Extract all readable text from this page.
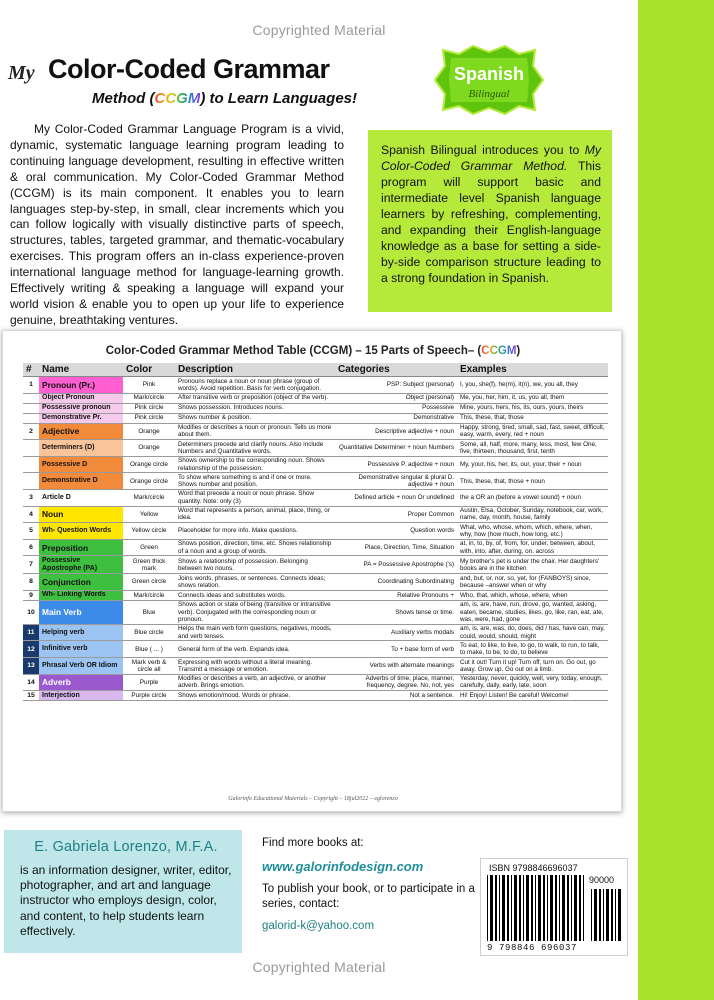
Copyrighted Material
My Color-Coded Grammar
Method (CCGM) to Learn Languages!

My Color-Coded Grammar Language Program is a vivid, dynamic, systematic language learning program leading to continuing language development, resulting in effective written & oral communication. My Color-Coded Grammar Method (CCGM) is its main component. It enables you to learn languages step-by-step, in small, clear increments which you can follow logically with visually distinctive parts of speech, structures, tables, targeted grammar, and thematic-vocabulary exercises. This program offers an in-class experience-proven international language method for language-learning growth. Effectively writing & speaking a language will expand your world vision & enable you to open up your life to experience genuine, breathtaking ventures.

Spanish
Bilingual
Spanish Bilingual introduces you to My Color-Coded Grammar Method. This program will support basic and intermediate level Spanish language learners by refreshing, complementing, and expanding their English-language knowledge as a base for setting a side-by-side comparison structure leading to a strong foundation in Spanish.
Color-Coded Grammar Method Table (CCGM) – 15 Parts of Speech– (CCGM)
#	Name	Color	Description	Categories	Examples
1	Pronoun (Pr.)	Pink	Pronouns replace a noun or noun phrase (group of words). Avoid repetition. Basis for verb conjugation.	PSP: Subject (personal)	I, you, she(f), he(m), it(n), we, you all, they
	Object Pronoun	Mark/circle	After transitive verb or preposition (object of the verb).	Object (personal)	Me, you, her, him, it, us, you all, them
	Possessive pronoun	Pink circle	Shows possession. Introduces nouns.	Possessive	Mine, yours, hers, his, its, ours, yours, theirs
	Demonstrative Pr.	Pink circle	Shows number & position.	Demonstrative	This, these, that, those
2	Adjective	Orange	Modifies or describes a noun or pronoun. Tells us more about them.	Descriptive adjective + noun	Happy, strong, tired, small, sad, fast, sweet, difficult, easy, warm, every, red + noun
	Determiners (D)	Orange	Determiners precede and clarify nouns. Also include Numbers and Quantitative words.	Quantitative Determiner + noun Numbers	Some, all, half, more, many, less, most, few One, five, thirteen, thousand, first, tenth
	Possessive D	Orange circle	Shows ownership to the corresponding noun. Shows relationship of the possession.	Possessive P. adjective + noun	My, your, his, her, its, our, your, their + noun
	Demonstrative D	Orange circle	To show where something is and if one or more. Shows number and position.	Demonstrative singular & plural D. adjective + noun	This, these, that, those + noun
3	Article D	Mark/circle	Word that precede a noun or noun phrase. Show quantity. Note: only (3)	Defined article + noun Or undefined	the a OR an (before a vowel sound) + noun
4	Noun	Yellow	Word that represents a person, animal, place, thing, or idea.	Proper Common	Austin, Elsa, October, Sunday, notebook, car, work, name, day, month, house, family
5	Wh- Question Words	Yellow circle	Placeholder for more info. Make questions.	Question words	What, who, whose, whom, which, where, when, why, how (how much, how long, etc.)
6	Preposition	Green	Shows position, direction, time, etc. Shows relationship of a noun and a group of words.	Place, Direction, Time, Situation	at, in, to, by, of, from, for, under, between, about, with, into, after, during, on, across
7	Possessive Apostrophe (PA)	Green thick mark	Shows a relationship of possession. Belonging between two nouns.	PA = Possessive Apostrophe ('s)	My brother's pet is under the chair. Her daughters' books are in the kitchen
8	Conjunction	Green circle	Joins words, phrases, or sentences. Connects ideas; shows relation.	Coordinating Subordinating	and, but, or, nor, so, yet, for (FANBOYS) since, because –answer when or why
9	Wh- Linking Words	Mark/circle	Connects ideas and substitutes words.	Relative Pronouns +	Who, that, which, whose, where, when
10	Main Verb	Blue	Shows action or state of being (transitive or intransitive verb). Conjugated with the corresponding noun or pronoun.	Shows tense or time.	am, is, are, have, run, drove, go, wanted, asking, eaten, became, studies, likes, go, like, ran, eat, ate, was, were, had, gone
11	Helping verb	Blue circle	Helps the main verb form questions, negatives, moods, and verb tenses.	Auxiliary verbs modals	am, is, are, was, do, does, did / has, have can, may, could, would, should, might
12	Infinitive verb	Blue ( ... )	General form of the verb. Expands idea.	To + base form of verb	To eat, to like, to live, to go, to walk, to run, to talk, to make, to be, to do, to believe
13	Phrasal Verb OR Idiom	Mark verb & circle all	Expressing with words without a literal meaning. Transmit a message or emotion.	Verbs with alternate meanings	Cut it out! Turn it up! Turn off, turn on. Go out, go away. Grow up. Go out on a limb.
14	Adverb	Purple	Modifies or describes a verb, an adjective, or another adverb. Brings emotion.	Adverbs of time, place, manner, frequency, degree. No, not, yes	Yesterday, never, quickly, well, very, today, enough, carefully, daily, early, late, soon
15	Interjection	Purple circle	Shows emotion/mood. Words or phrase.	Not a sentence.	Hi! Enjoy! Listen! Be careful! Welcome!
Galorinfo Educational Materials – Copyright – 18jul2022 – egl​orenzo
E. Gabriela Lorenzo, M.F.A.
is an information designer, writer, editor, photographer, and art and language instructor who employs design, color, and content, to help students learn effectively.
Find more books at:
www.galorinfodesign.com
To publish your book, or to participate in a series, contact:
galorid-k@yahoo.com
ISBN 9798846696037
90000
9 798846 696037
Copyrighted Material
